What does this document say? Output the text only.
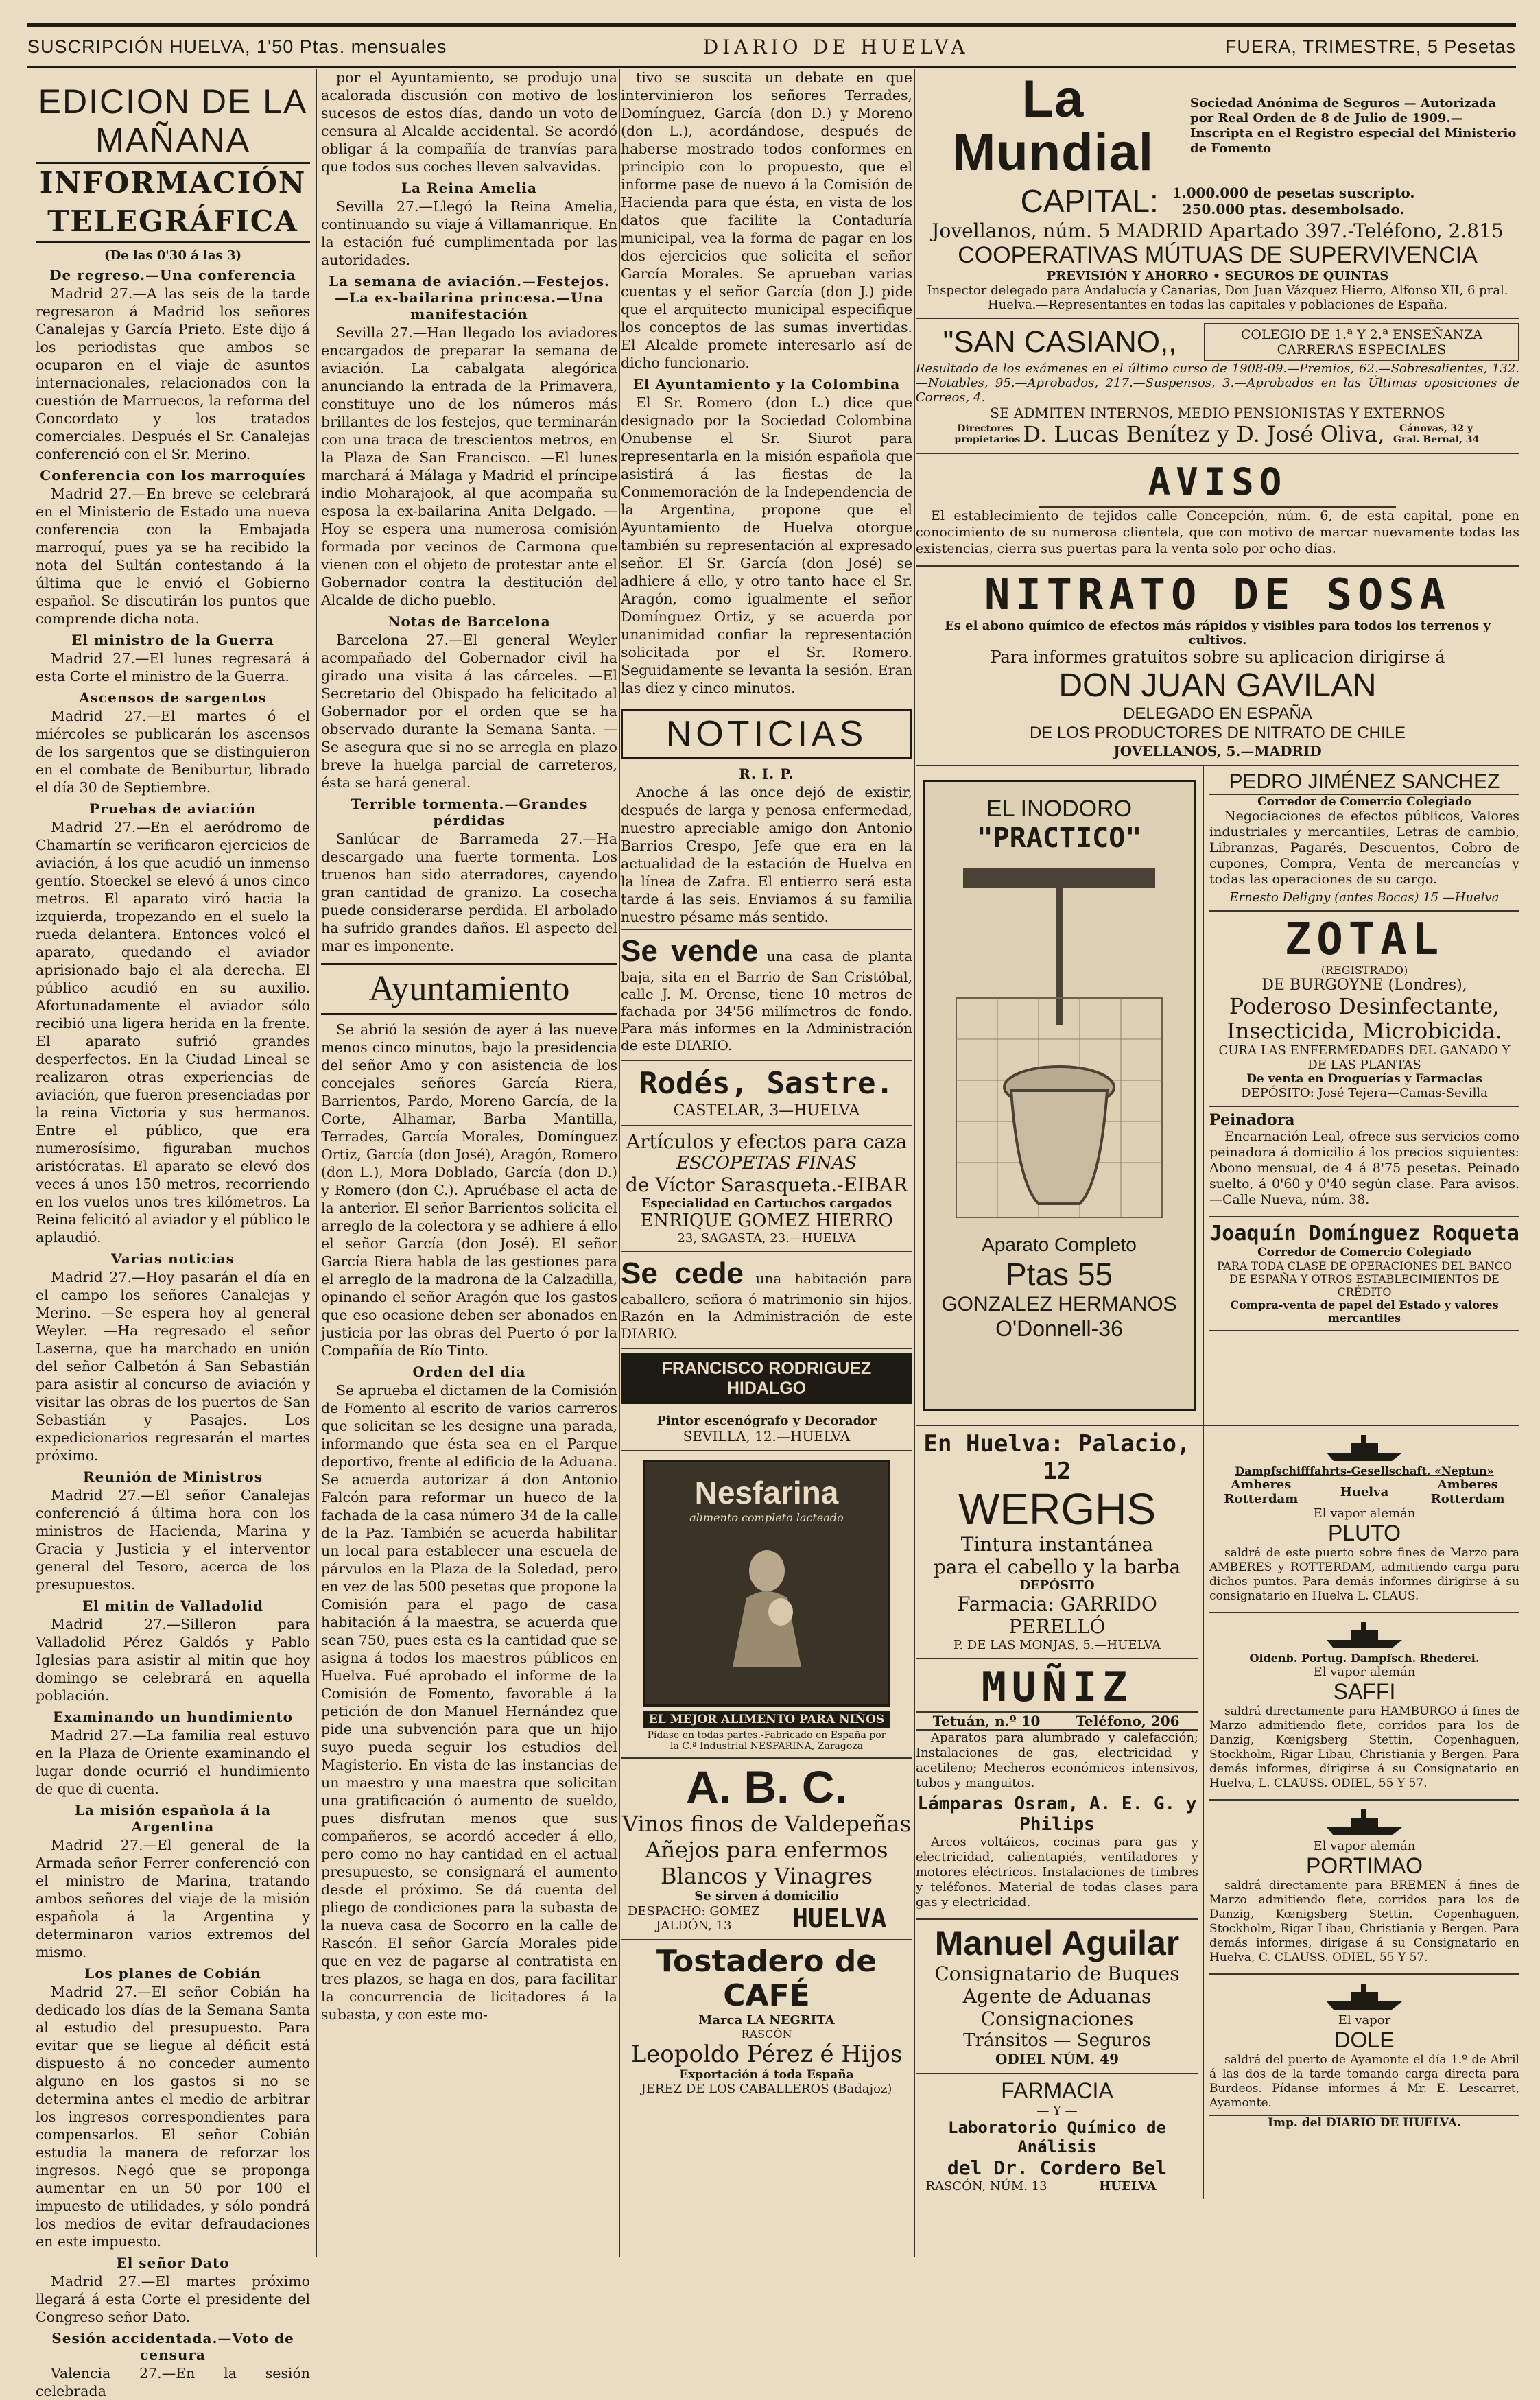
SUSCRIPCIÓN HUELVA, 1'50 Ptas. mensuales	DIARIO DE HUELVA	FUERA, TRIMESTRE, 5 Pesetas
EDICION DE LA MAÑANA
INFORMACIÓN TELEGRÁFICA
(De las 0'30 á las 3)
De regreso.—Una conferencia

Madrid 27.—A las seis de la tarde regresaron á Madrid los señores Canalejas y García Prieto. Este dijo á los periodistas que ambos se ocuparon en el viaje de asuntos internacionales, relacionados con la cuestión de Marruecos, la reforma del Concordato y los tratados comerciales. Después el Sr. Canalejas conferenció con el Sr. Merino.

Conferencia con los marroquíes

Madrid 27.—En breve se celebrará en el Ministerio de Estado una nueva conferencia con la Embajada marroquí, pues ya se ha recibido la nota del Sultán contestando á la última que le envió el Gobierno español. Se discutirán los puntos que comprende dicha nota.

El ministro de la Guerra

Madrid 27.—El lunes regresará á esta Corte el ministro de la Guerra.

Ascensos de sargentos

Madrid 27.—El martes ó el miércoles se publicarán los ascensos de los sargentos que se distinguieron en el combate de Beniburtur, librado el día 30 de Septiembre.

Pruebas de aviación

Madrid 27.—En el aeródromo de Chamartín se verificaron ejercicios de aviación, á los que acudió un inmenso gentío. Stoeckel se elevó á unos cinco metros. El aparato viró hacia la izquierda, tropezando en el suelo la rueda delantera. Entonces volcó el aparato, quedando el aviador aprisionado bajo el ala derecha. El público acudió en su auxilio. Afortunadamente el aviador sólo recibió una ligera herida en la frente. El aparato sufrió grandes desperfectos. En la Ciudad Lineal se realizaron otras experiencias de aviación, que fueron presenciadas por la reina Victoria y sus hermanos. Entre el público, que era numerosísimo, figuraban muchos aristócratas. El aparato se elevó dos veces á unos 150 metros, recorriendo en los vuelos unos tres kilómetros. La Reina felicitó al aviador y el público le aplaudió.

Varias noticias

Madrid 27.—Hoy pasarán el día en el campo los señores Canalejas y Merino. —Se espera hoy al general Weyler. —Ha regresado el señor Laserna, que ha marchado en unión del señor Calbetón á San Sebastián para asistir al concurso de aviación y visitar las obras de los puertos de San Sebastián y Pasajes. Los expedicionarios regresarán el martes próximo.

Reunión de Ministros

Madrid 27.—El señor Canalejas conferenció á última hora con los ministros de Hacienda, Marina y Gracia y Justicia y el interventor general del Tesoro, acerca de los presupuestos.

El mitin de Valladolid

Madrid 27.—Silleron para Valladolid Pérez Galdós y Pablo Iglesias para asistir al mitin que hoy domingo se celebrará en aquella población.

Examinando un hundimiento

Madrid 27.—La familia real estuvo en la Plaza de Oriente examinando el lugar donde ocurrió el hundimiento de que di cuenta.

La misión española á la Argentina

Madrid 27.—El general de la Armada señor Ferrer conferenció con el ministro de Marina, tratando ambos señores del viaje de la misión española á la Argentina y determinaron varios extremos del mismo.

Los planes de Cobián

Madrid 27.—El señor Cobián ha dedicado los días de la Semana Santa al estudio del presupuesto. Para evitar que se liegue al déficit está dispuesto á no conceder aumento alguno en los gastos si no se determina antes el medio de arbitrar los ingresos correspondientes para compensarlos. El señor Cobián estudia la manera de reforzar los ingresos. Negó que se proponga aumentar en un 50 por 100 el impuesto de utilidades, y sólo pondrá los medios de evitar defraudaciones en este impuesto.

El señor Dato

Madrid 27.—El martes próximo llegará á esta Corte el presidente del Congreso señor Dato.

Sesión accidentada.—Voto de censura

Valencia 27.—En la sesión celebrada

por el Ayuntamiento, se produjo una acalorada discusión con motivo de los sucesos de estos días, dando un voto de censura al Alcalde accidental. Se acordó obligar á la compañía de tranvías para que todos sus coches lleven salvavidas.

La Reina Amelia

Sevilla 27.—Llegó la Reina Amelia, continuando su viaje á Villamanrique. En la estación fué cumplimentada por las autoridades.

La semana de aviación.—Festejos. —La ex-bailarina princesa.—Una manifestación

Sevilla 27.—Han llegado los aviadores encargados de preparar la semana de aviación. La cabalgata alegórica anunciando la entrada de la Primavera, constituye uno de los números más brillantes de los festejos, que terminarán con una traca de trescientos metros, en la Plaza de San Francisco. —El lunes marchará á Málaga y Madrid el príncipe indio Moharajook, al que acompaña su esposa la ex-bailarina Anita Delgado. —Hoy se espera una numerosa comisión formada por vecinos de Carmona que vienen con el objeto de protestar ante el Gobernador contra la destitución del Alcalde de dicho pueblo.

Notas de Barcelona

Barcelona 27.—El general Weyler acompañado del Gobernador civil ha girado una visita á las cárceles. —El Secretario del Obispado ha felicitado al Gobernador por el orden que se ha observado durante la Semana Santa. —Se asegura que si no se arregla en plazo breve la huelga parcial de carreteros, ésta se hará general.

Terrible tormenta.—Grandes pérdidas

Sanlúcar de Barrameda 27.—Ha descargado una fuerte tormenta. Los truenos han sido aterradores, cayendo gran cantidad de granizo. La cosecha puede considerarse perdida. El arbolado ha sufrido grandes daños. El aspecto del mar es imponente.

Ayuntamiento

Se abrió la sesión de ayer á las nueve menos cinco minutos, bajo la presidencia del señor Amo y con asistencia de los concejales señores García Riera, Barrientos, Pardo, Moreno García, de la Corte, Alhamar, Barba Mantilla, Terrades, García Morales, Domínguez Ortiz, García (don José), Aragón, Romero (don L.), Mora Doblado, García (don D.) y Romero (don C.). Apruébase el acta de la anterior. El señor Barrientos solicita el arreglo de la colectora y se adhiere á ello el señor García (don José). El señor García Riera habla de las gestiones para el arreglo de la madrona de la Calzadilla, opinando el señor Aragón que los gastos que eso ocasione deben ser abonados en justicia por las obras del Puerto ó por la Compañía de Río Tinto.

Orden del día

Se aprueba el dictamen de la Comisión de Fomento al escrito de varios carreros que solicitan se les designe una parada, informando que ésta sea en el Parque deportivo, frente al edificio de la Aduana. Se acuerda autorizar á don Antonio Falcón para reformar un hueco de la fachada de la casa número 34 de la calle de la Paz. También se acuerda habilitar un local para establecer una escuela de párvulos en la Plaza de la Soledad, pero en vez de las 500 pesetas que propone la Comisión para el pago de casa habitación á la maestra, se acuerda que sean 750, pues esta es la cantidad que se asigna á todos los maestros públicos en Huelva. Fué aprobado el informe de la Comisión de Fomento, favorable á la petición de don Manuel Hernández que pide una subvención para que un hijo suyo pueda seguir los estudios del Magisterio. En vista de las instancias de un maestro y una maestra que solicitan una gratificación ó aumento de sueldo, pues disfrutan menos que sus compañeros, se acordó acceder á ello, pero como no hay cantidad en el actual presupuesto, se consignará el aumento desde el próximo. Se dá cuenta del pliego de condiciones para la subasta de la nueva casa de Socorro en la calle de Rascón. El señor García Morales pide que en vez de pagarse al contratista en tres plazos, se haga en dos, para facilitar la concurrencia de licitadores á la subasta, y con este mo-

tivo se suscita un debate en que intervinieron los señores Terrades, Domínguez, García (don D.) y Moreno (don L.), acordándose, después de haberse mostrado todos conformes en principio con lo propuesto, que el informe pase de nuevo á la Comisión de Hacienda para que ésta, en vista de los datos que facilite la Contaduría municipal, vea la forma de pagar en los dos ejercicios que solicita el señor García Morales. Se aprueban varias cuentas y el señor García (don J.) pide que el arquitecto municipal especifique los conceptos de las sumas invertidas. El Alcalde promete interesarlo así de dicho funcionario.

El Ayuntamiento y la Colombina

El Sr. Romero (don L.) dice que designado por la Sociedad Colombina Onubense el Sr. Siurot para representarla en la misión española que asistirá á las fiestas de la Conmemoración de la Independencia de la Argentina, propone que el Ayuntamiento de Huelva otorgue también su representación al expresado señor. El Sr. García (don José) se adhiere á ello, y otro tanto hace el Sr. Aragón, como igualmente el señor Domínguez Ortiz, y se acuerda por unanimidad confiar la representación solicitada por el Sr. Romero. Seguidamente se levanta la sesión. Eran las diez y cinco minutos.

NOTICIAS
R. I. P.

Anoche á las once dejó de existir, después de larga y penosa enfermedad, nuestro apreciable amigo don Antonio Barrios Crespo, Jefe que era en la actualidad de la estación de Huelva en la línea de Zafra. El entierro será esta tarde á las seis. Enviamos á su familia nuestro pésame más sentido.

Se vende una casa de planta baja, sita en el Barrio de San Cristóbal, calle J. M. Orense, tiene 10 metros de fachada por 34'56 milímetros de fondo. Para más informes en la Administración de este DIARIO.
Rodés, Sastre.
CASTELAR, 3—HUELVA
Artículos y efectos para caza
ESCOPETAS FINAS
de Víctor Sarasqueta.-EIBAR
Especialidad en Cartuchos cargados
ENRIQUE GOMEZ HIERRO
23, SAGASTA, 23.—HUELVA
Se cede una habitación para caballero, señora ó matrimonio sin hijos. Razón en la Administración de este DIARIO.
FRANCISCO RODRIGUEZ HIDALGO
Pintor escenógrafo y Decorador
SEVILLA, 12.—HUELVA
Nesfarina
alimento completo lacteado
EL MEJOR ALIMENTO PARA NIÑOS
Pídase en todas partes.-Fabricado en España por la C.ª Industrial NESFARINA, Zaragoza
A. B. C.
Vinos finos de Valdepeñas
Añejos para enfermos
Blancos y Vinagres
Se sirven á domicilio
DESPACHO: GOMEZ JALDÓN, 13	HUELVA
Tostadero de CAFÉ
Marca LA NEGRITA
RASCÓN
Leopoldo Pérez é Hijos
Exportación á toda España
JEREZ DE LOS CABALLEROS (Badajoz)
La Mundial
Sociedad Anónima de Seguros — Autorizada por Real Orden de 8 de Julio de 1909.—Inscripta en el Registro especial del Ministerio de Fomento
CAPITAL: 1.000.000 de pesetas suscripto.
250.000 ptas. desembolsado.
Jovellanos, núm. 5 MADRID Apartado 397.-Teléfono, 2.815
COOPERATIVAS MÚTUAS DE SUPERVIVENCIA
PREVISIÓN Y AHORRO • SEGUROS DE QUINTAS
Inspector delegado para Andalucía y Canarias, Don Juan Vázquez Hierro, Alfonso XII, 6 pral. Huelva.—Representantes en todas las capitales y poblaciones de España.
"SAN CASIANO,,	COLEGIO DE 1.ª Y 2.ª ENSEÑANZA CARRERAS ESPECIALES
Resultado de los exámenes en el último curso de 1908-09.—Premios, 62.—Sobresalientes, 132.—Notables, 95.—Aprobados, 217.—Suspensos, 3.—Aprobados en las Últimas oposiciones de Correos, 4.
SE ADMITEN INTERNOS, MEDIO PENSIONISTAS Y EXTERNOS
Directores propietarios D. Lucas Benítez y D. José Oliva,	Cánovas, 32 y Gral. Bernal, 34
AVISO

El establecimiento de tejidos calle Concepción, núm. 6, de esta capital, pone en conocimiento de su numerosa clientela, que con motivo de marcar nuevamente todas las existencias, cierra sus puertas para la venta solo por ocho días.

NITRATO DE SOSA
Es el abono químico de efectos más rápidos y visibles para todos los terrenos y cultivos.
Para informes gratuitos sobre su aplicacion dirigirse á
DON JUAN GAVILAN
DELEGADO EN ESPAÑA
DE LOS PRODUCTORES DE NITRATO DE CHILE
JOVELLANOS, 5.—MADRID
EL INODORO
"PRACTICO"
Aparato Completo
Ptas 55
GONZALEZ HERMANOS
O'Donnell-36
PEDRO JIMÉNEZ SANCHEZ
Corredor de Comercio Colegiado

Negociaciones de efectos públicos, Valores industriales y mercantiles, Letras de cambio, Libranzas, Pagarés, Descuentos, Cobro de cupones, Compra, Venta de mercancías y todas las operaciones de su cargo.

Ernesto Deligny (antes Bocas) 15 —Huelva
ZOTAL
(REGISTRADO)
DE BURGOYNE (Londres),
Poderoso Desinfectante, Insecticida, Microbicida.
CURA LAS ENFERMEDADES DEL GANADO Y DE LAS PLANTAS
De venta en Droguerías y Farmacias
DEPÓSITO: José Tejera—Camas-Sevilla
Peinadora

Encarnación Leal, ofrece sus servicios como peinadora á domicilio á los precios siguientes: Abono mensual, de 4 á 8'75 pesetas. Peinado suelto, á 0'60 y 0'40 según clase. Para avisos.—Calle Nueva, núm. 38.

Joaquín Domínguez Roqueta
Corredor de Comercio Colegiado
PARA TODA CLASE DE OPERACIONES DEL BANCO DE ESPAÑA Y OTROS ESTABLECIMIENTOS DE CRÉDITO
Compra-venta de papel del Estado y valores mercantiles
En Huelva: Palacio, 12
WERGHS
Tintura instantánea
para el cabello y la barba
DEPÓSITO
Farmacia: GARRIDO PERELLÓ
P. DE LAS MONJAS, 5.—HUELVA
MUÑIZ
Tetuán, n.º 10	Teléfono, 206

Aparatos para alumbrado y calefacción; Instalaciones de gas, electricidad y acetileno; Mecheros económicos intensivos, tubos y manguitos.

Lámparas Osram, A. E. G. y Philips

Arcos voltáicos, cocinas para gas y electricidad, calientapiés, ventiladores y motores eléctricos. Instalaciones de timbres y teléfonos. Material de todas clases para gas y electricidad.

Manuel Aguilar
Consignatario de Buques
Agente de Aduanas
Consignaciones
Tránsitos — Seguros
ODIEL NÚM. 49
FARMACIA
— Y —
Laboratorio Químico de Análisis
del Dr. Cordero Bel
RASCÓN, NÚM. 13	HUELVA
Dampfschifffahrts-Gesellschaft. «Neptun»
Amberes Rotterdam	Huelva	Amberes Rotterdam
El vapor alemán
PLUTO

saldrá de este puerto sobre fines de Marzo para AMBERES y ROTTERDAM, admitiendo carga para dichos puntos. Para demás informes dirigirse á su consignatario en Huelva L. CLAUS.

Oldenb. Portug. Dampfsch. Rhederei.
El vapor alemán
SAFFI

saldrá directamente para HAMBURGO á fines de Marzo admitiendo flete, corridos para los de Danzig, Kœnigsberg Stettin, Copenhaguen, Stockholm, Rigar Libau, Christiania y Bergen. Para demás informes, dirigirse á su Consignatario en Huelva, L. CLAUSS. ODIEL, 55 Y 57.

El vapor alemán
PORTIMAO

saldrá directamente para BREMEN á fines de Marzo admitiendo flete, corridos para los de Danzig, Kœnigsberg Stettin, Copenhaguen, Stockholm, Rigar Libau, Christiania y Bergen. Para demás informes, dirígase á su Consignatario en Huelva, C. CLAUSS. ODIEL, 55 Y 57.

El vapor
DOLE

saldrá del puerto de Ayamonte el día 1.º de Abril á las dos de la tarde tomando carga directa para Burdeos. Pídanse informes á Mr. E. Lescarret, Ayamonte.

Imp. del DIARIO DE HUELVA.
